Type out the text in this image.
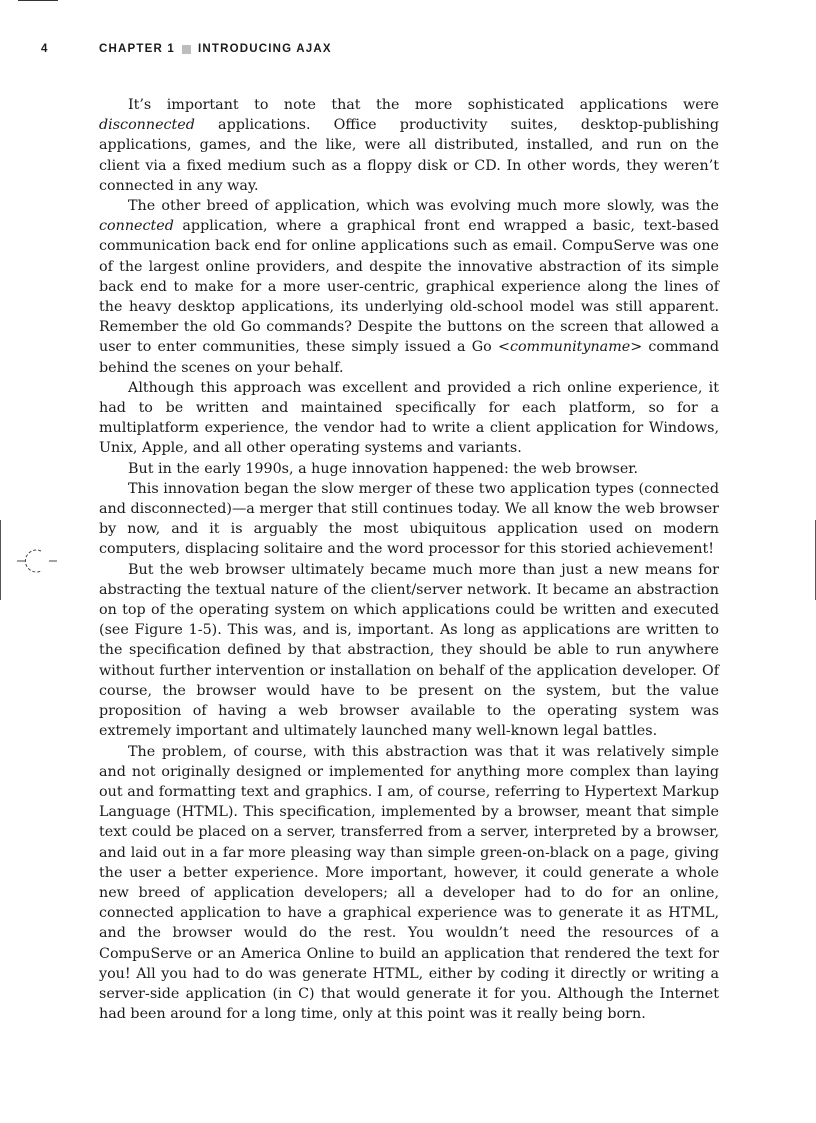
4	CHAPTER 1 INTRODUCING AJAX

It’s important to note that the more sophisticated applications were disconnected applications. Office productivity suites, desktop-publishing applications, games, and the like, were all distributed, installed, and run on the client via a fixed medium such as a floppy disk or CD. In other words, they weren’t connected in any way.

The other breed of application, which was evolving much more slowly, was the connected application, where a graphical front end wrapped a basic, text-based communication back end for online applications such as email. CompuServe was one of the largest online providers, and despite the innovative abstraction of its simple back end to make for a more user-centric, graphical experience along the lines of the heavy desktop applications, its underlying old-school model was still apparent. Remember the old Go commands? Despite the buttons on the screen that allowed a user to enter communities, these simply issued a Go <communityname> command behind the scenes on your behalf.

Although this approach was excellent and provided a rich online experience, it had to be written and maintained specifically for each platform, so for a multiplatform experience, the vendor had to write a client application for Windows, Unix, Apple, and all other operating systems and variants.

But in the early 1990s, a huge innovation happened: the web browser.

This innovation began the slow merger of these two application types (connected and disconnected)—a merger that still continues today. We all know the web browser by now, and it is arguably the most ubiquitous application used on modern computers, displacing solitaire and the word processor for this storied achievement!

But the web browser ultimately became much more than just a new means for abstracting the textual nature of the client/server network. It became an abstraction on top of the operating system on which applications could be written and executed (see Figure 1-5). This was, and is, important. As long as applications are written to the specification defined by that abstraction, they should be able to run anywhere without further intervention or installation on behalf of the application developer. Of course, the browser would have to be present on the system, but the value proposition of having a web browser available to the operating system was extremely important and ultimately launched many well-known legal battles.

The problem, of course, with this abstraction was that it was relatively simple and not originally designed or implemented for anything more complex than laying out and formatting text and graphics. I am, of course, referring to Hypertext Markup Language (HTML). This specification, implemented by a browser, meant that simple text could be placed on a server, transferred from a server, interpreted by a browser, and laid out in a far more pleasing way than simple green-on-black on a page, giving the user a better experience. More important, however, it could generate a whole new breed of application developers; all a developer had to do for an online, connected application to have a graphical experience was to generate it as HTML, and the browser would do the rest. You wouldn’t need the resources of a CompuServe or an America Online to build an application that rendered the text for you! All you had to do was generate HTML, either by coding it directly or writing a server-side application (in C) that would generate it for you. Although the Internet had been around for a long time, only at this point was it really being born.
